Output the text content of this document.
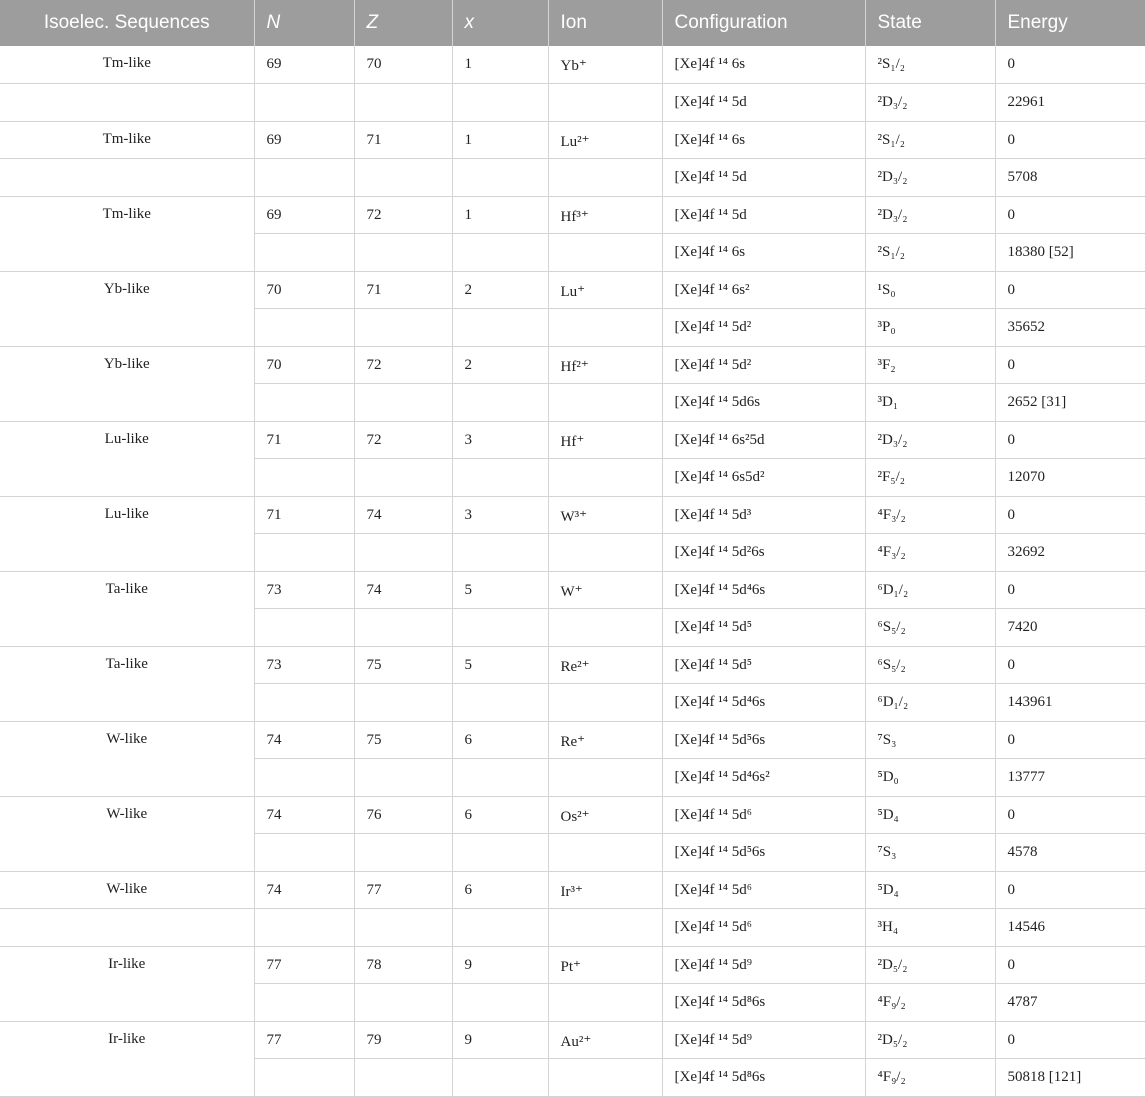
Isoelec. Sequences	N	Z	x	Ion	Configuration	State	Energy
Tm-like	69	70	1	Yb⁺	[Xe]4f ¹⁴ 6s	²S₁/₂	0
					[Xe]4f ¹⁴ 5d	²D₃/₂	22961
Tm-like	69	71	1	Lu²⁺	[Xe]4f ¹⁴ 6s	²S₁/₂	0
					[Xe]4f ¹⁴ 5d	²D₃/₂	5708
Tm-like	69	72	1	Hf³⁺	[Xe]4f ¹⁴ 5d	²D₃/₂	0
					[Xe]4f ¹⁴ 6s	²S₁/₂	18380 [52]
Yb-like	70	71	2	Lu⁺	[Xe]4f ¹⁴ 6s²	¹S₀	0
					[Xe]4f ¹⁴ 5d²	³P₀	35652
Yb-like	70	72	2	Hf²⁺	[Xe]4f ¹⁴ 5d²	³F₂	0
					[Xe]4f ¹⁴ 5d6s	³D₁	2652 [31]
Lu-like	71	72	3	Hf⁺	[Xe]4f ¹⁴ 6s²5d	²D₃/₂	0
					[Xe]4f ¹⁴ 6s5d²	²F₅/₂	12070
Lu-like	71	74	3	W³⁺	[Xe]4f ¹⁴ 5d³	⁴F₃/₂	0
					[Xe]4f ¹⁴ 5d²6s	⁴F₃/₂	32692
Ta-like	73	74	5	W⁺	[Xe]4f ¹⁴ 5d⁴6s	⁶D₁/₂	0
					[Xe]4f ¹⁴ 5d⁵	⁶S₅/₂	7420
Ta-like	73	75	5	Re²⁺	[Xe]4f ¹⁴ 5d⁵	⁶S₅/₂	0
					[Xe]4f ¹⁴ 5d⁴6s	⁶D₁/₂	143961
W-like	74	75	6	Re⁺	[Xe]4f ¹⁴ 5d⁵6s	⁷S₃	0
					[Xe]4f ¹⁴ 5d⁴6s²	⁵D₀	13777
W-like	74	76	6	Os²⁺	[Xe]4f ¹⁴ 5d⁶	⁵D₄	0
					[Xe]4f ¹⁴ 5d⁵6s	⁷S₃	4578
W-like	74	77	6	Ir³⁺	[Xe]4f ¹⁴ 5d⁶	⁵D₄	0
					[Xe]4f ¹⁴ 5d⁶	³H₄	14546
Ir-like	77	78	9	Pt⁺	[Xe]4f ¹⁴ 5d⁹	²D₅/₂	0
					[Xe]4f ¹⁴ 5d⁸6s	⁴F₉/₂	4787
Ir-like	77	79	9	Au²⁺	[Xe]4f ¹⁴ 5d⁹	²D₅/₂	0
					[Xe]4f ¹⁴ 5d⁸6s	⁴F₉/₂	50818 [121]
